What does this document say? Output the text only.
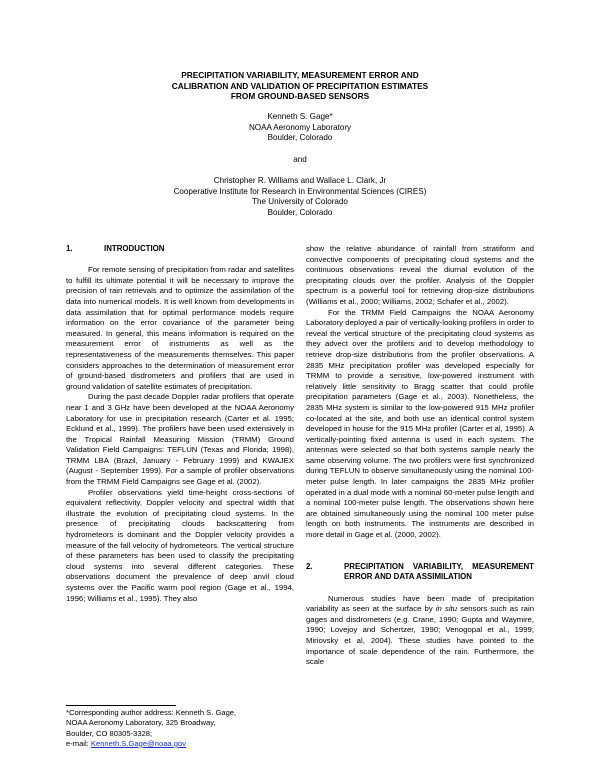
PRECIPITATION VARIABILITY, MEASUREMENT ERROR AND
CALIBRATION AND VALIDATION OF PRECIPITATION ESTIMATES
FROM GROUND-BASED SENSORS
Kenneth S. Gage*
NOAA Aeronomy Laboratory
Boulder, Colorado
and
Christopher R. Williams and Wallace L. Clark, Jr
Cooperative Institute for Research in Environmental Sciences (CIRES)
The University of Colorado
Boulder, Colorado
1.	INTRODUCTION

For remote sensing of precipitation from radar and satellites to fulfill its ultimate potential it will be necessary to improve the precision of rain retrievals and to optimize the assimilation of the data into numerical models. It is well known from developments in data assimilation that for optimal performance models require information on the error covariance of the parameter being measured. In general, this means information is required on the measurement error of instruments as well as the representativeness of the measurements themselves. This paper considers approaches to the determination of measurement error of ground-based disdrometers and profilers that are used in ground validation of satellite estimates of precipitation.

During the past decade Doppler radar profilers that operate near 1 and 3 GHz have been developed at the NOAA Aeronomy Laboratory for use in precipitation research (Carter et al. 1995; Ecklund et al., 1999). The profilers have been used extensively in the Tropical Rainfall Measuring Mission (TRMM) Ground Validation Field Campaigns: TEFLUN (Texas and Florida; 1998), TRMM LBA (Brazil, January - February 1999) and KWAJEX (August - September 1999). For a sample of profiler observations from the TRMM Field Campaigns see Gage et al. (2002).

Profiler observations yield time-height cross-sections of equivalent reflectivity, Doppler velocity and spectral width that illustrate the evolution of precipitating cloud systems. In the presence of precipitating clouds backscattering from hydrometeors is dominant and the Doppler velocity provides a measure of the fall velocity of hydrometeors. The vertical structure of these parameters has been used to classify the precipitating cloud systems into several different categories. These observations document the prevalence of deep anvil cloud systems over the Pacific warm pool region (Gage et al., 1994, 1996; Williams et al., 1995). They also

*Corresponding author address: Kenneth S. Gage,
NOAA Aeronomy Laboratory, 325 Broadway,
Boulder, CO 80305-3328;
e-mail: Kenneth.S.Gage@noaa.gov

show the relative abundance of rainfall from stratiform and convective components of precipitating cloud systems and the continuous observations reveal the diurnal evolution of the precipitating clouds over the profiler. Analysis of the Doppler spectrum is a powerful tool for retrieving drop-size distributions (Williams et al., 2000; Williams, 2002; Schafer et al., 2002).

For the TRMM Field Campaigns the NOAA Aeronomy Laboratory deployed a pair of vertically-looking profilers in order to reveal the vertical structure of the precipitating cloud systems as they advect over the profilers and to develop methodology to retrieve drop-size distributions from the profiler observations. A 2835 MHz precipitation profiler was developed especially for TRMM to provide a sensitive, low-powered instrument with relatively little sensitivity to Bragg scatter that could profile precipitation parameters (Gage et al., 2003). Nonetheless, the 2835 MHz system is similar to the low-powered 915 MHz profiler co-located at the site, and both use an identical control system developed in house for the 915 MHz profiler (Carter et al, 1995). A vertically-pointing fixed antenna is used in each system. The antennas were selected so that both systems sample nearly the same observing volume. The two profilers were first synchronized during TEFLUN to observe simultaneously using the nominal 100-meter pulse length. In later campaigns the 2835 MHz profiler operated in a dual mode with a nominal 60-meter pulse length and a nominal 100-meter pulse length. The observations shown here are obtained simultaneously using the nominal 100 meter pulse length on both instruments. The instruments are described in more detail in Gage et al. (2000, 2002).

2.	PRECIPITATION VARIABILITY, MEASUREMENT ERROR AND DATA ASSIMILATION

Numerous studies have been made of precipitation variability as seen at the surface by in situ sensors such as rain gages and disdrometers (e.g. Crane, 1990; Gupta and Waymire, 1990; Lovejoy and Schertzer, 1990; Venogopal et al., 1999; Miriovsky et al, 2004). These studies have pointed to the importance of scale dependence of the rain. Furthermore, the scale
